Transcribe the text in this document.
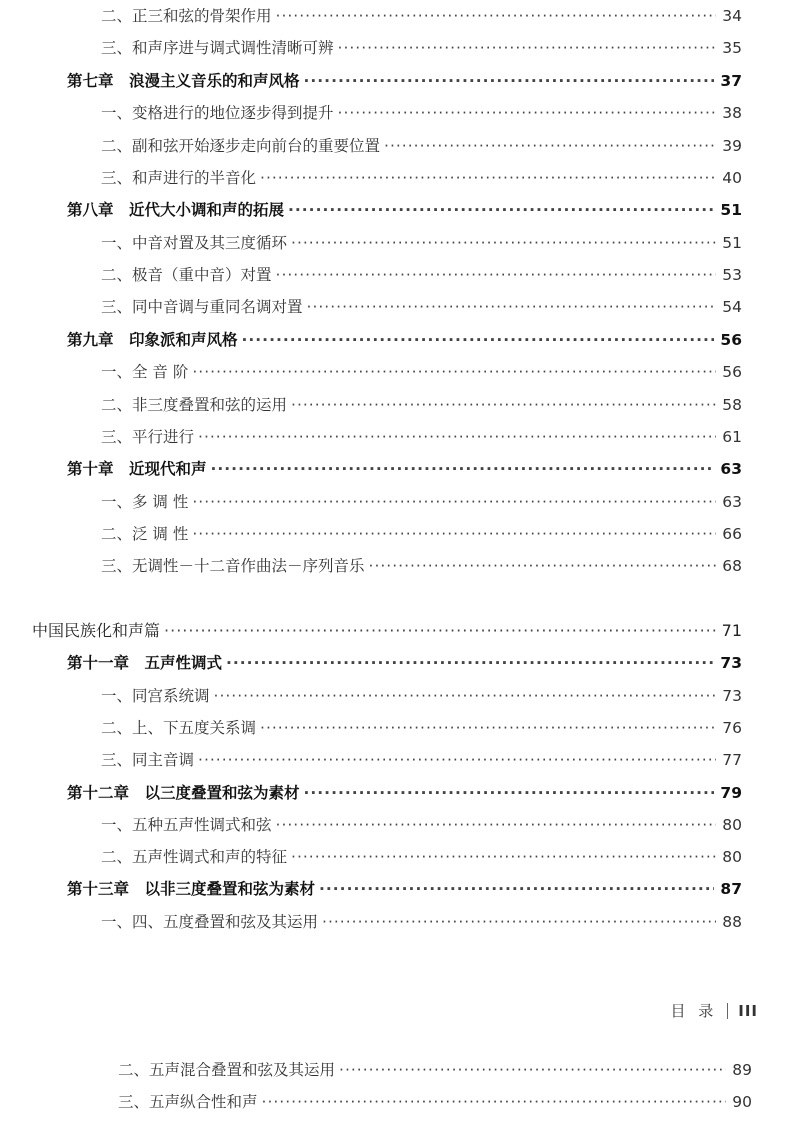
二、正三和弦的骨架作用 ·····	34
三、和声序进与调式调性清晰可辨 ·····	35
第七章　浪漫主义音乐的和声风格 ·····	37
一、变格进行的地位逐步得到提升 ·····	38
二、副和弦开始逐步走向前台的重要位置 ·····	39
三、和声进行的半音化 ·····	40
第八章　近代大小调和声的拓展 ·····	51
一、中音对置及其三度循环 ·····	51
二、极音（重中音）对置 ·····	53
三、同中音调与重同名调对置 ·····	54
第九章　印象派和声风格 ·····	56
一、全 音 阶 ·····	56
二、非三度叠置和弦的运用 ·····	58
三、平行进行 ·····	61
第十章　近现代和声 ·····	63
一、多 调 性 ·····	63
二、泛 调 性 ·····	66
三、无调性－十二音作曲法－序列音乐 ·····	68
中国民族化和声篇 ·····	71
第十一章　五声性调式 ·····	73
一、同宫系统调 ·····	73
二、上、下五度关系调 ·····	76
三、同主音调 ·····	77
第十二章　以三度叠置和弦为素材 ·····	79
一、五种五声性调式和弦 ·····	80
二、五声性调式和声的特征 ·····	80
第十三章　以非三度叠置和弦为素材 ·····	87
一、四、五度叠置和弦及其运用 ·····	88
目 录 III
二、五声混合叠置和弦及其运用 ·····	89
三、五声纵合性和声 ·····	90
